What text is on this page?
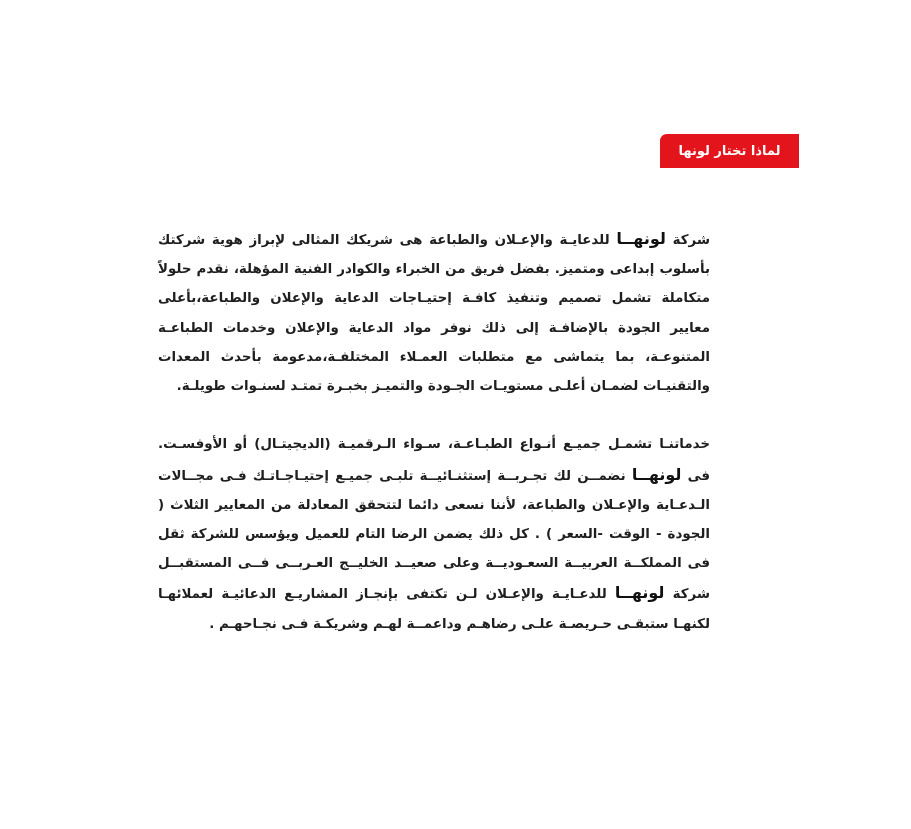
لماذا تختار لونها

شركة لونهــا للدعايـة والإعـلان والطباعة هى شريكك المثالى لإبراز هوية شركتك بأسلوب إبداعى ومتميز. بفضل فريق من الخبراء والكوادر الفنية المؤهلة، نقدم حلولاً متكاملة تشمل تصميم وتنفيذ كافـة إحتيـاجات الدعاية والإعلان والطباعة،بأعلى معايير الجودة بالإضافـة إلى ذلك نوفر مواد الدعاية والإعلان وخدمات الطباعـة المتنوعـة، بما يتماشى مع متطلبات العمـلاء المختلفـة،مدعومة بأحدث المعدات والتقنيـات لضمـان أعلـى مستويـات الجـودة والتميـز بخبـرة تمتـد لسنـوات طويلـة.

خدماتنـا تشمـل جميـع أنـواع الطبـاعـة، سـواء الـرقميـة (الديجيتـال) أو الأوفسـت. فى لونهــا نضمــن لك تجـربــة إستثنـائيــة تلبـى جميـع إحتيـاجـاتـك فـى مجــالات الـدعـاية والإعـلان والطباعة، لأننا نسعى دائما لتتحقق المعادلة من المعايير الثلاث ( الجودة - الوقت -السعر ) . كل ذلك يضمن الرضا التام للعميل ويؤسس للشركة ثقل فى المملكــة العربيــة السعـوديــة وعلى صعيــد الخليــج العـربــى فــى المستقبــل شركة لونهــا للدعـايـة والإعـلان لـن تكتفى بإنجـاز المشاريـع الدعائيـة لعملائهـا لكنهـا ستبقـى حـريصـة علـى رضاهـم وداعمــة لهـم وشريكـة فـى نجـاحهـم .
